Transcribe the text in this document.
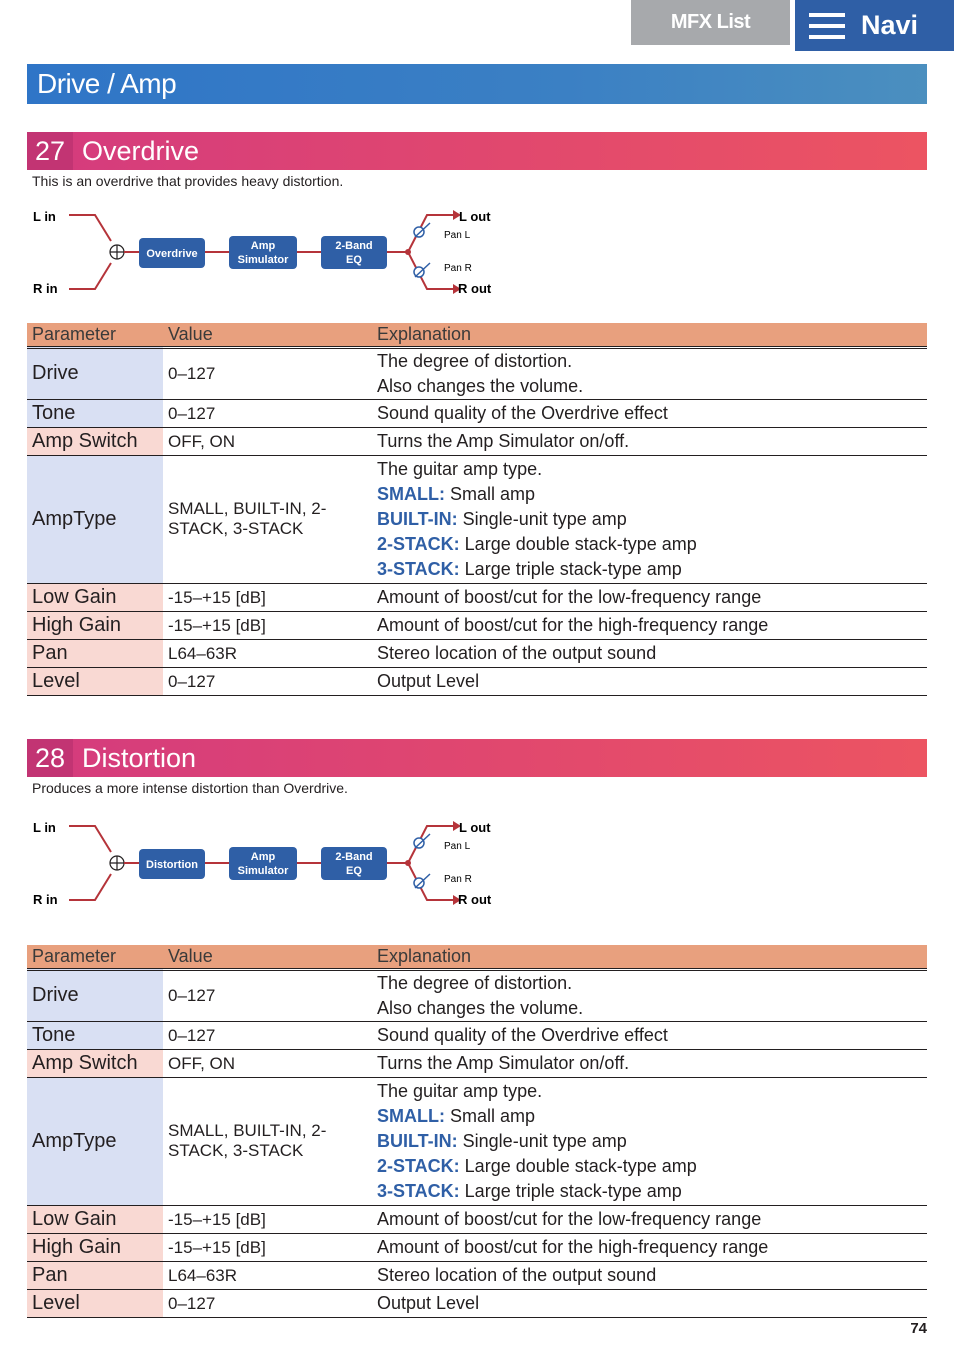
MFX List	Navi
Drive / Amp
27 Overdrive
This is an overdrive that provides heavy distortion.
L in
R in
Overdrive
Amp
Simulator
2-Band
EQ
L out
R out
Pan L
Pan R
Parameter	Value	Explanation
Drive	0–127	The degree of distortion.
Also changes the volume.

Tone	0–127	Sound quality of the Overdrive effect

Amp Switch	OFF, ON	Turns the Amp Simulator on/off.

AmpType	SMALL, BUILT-IN, 2-STACK, 3-STACK	The guitar amp type.
SMALL: Small amp
BUILT-IN: Single-unit type amp
2-STACK: Large double stack-type amp
3-STACK: Large triple stack-type amp

Low Gain	-15–+15 [dB]	Amount of boost/cut for the low-frequency range

High Gain	-15–+15 [dB]	Amount of boost/cut for the high-frequency range

Pan	L64–63R	Stereo location of the output sound

Level	0–127	Output Level
28 Distortion
Produces a more intense distortion than Overdrive.
L in
R in
Distortion
Amp
Simulator
2-Band
EQ
L out
R out
Pan L
Pan R
Parameter	Value	Explanation
Drive	0–127	The degree of distortion.
Also changes the volume.

Tone	0–127	Sound quality of the Overdrive effect

Amp Switch	OFF, ON	Turns the Amp Simulator on/off.

AmpType	SMALL, BUILT-IN, 2-STACK, 3-STACK	The guitar amp type.
SMALL: Small amp
BUILT-IN: Single-unit type amp
2-STACK: Large double stack-type amp
3-STACK: Large triple stack-type amp

Low Gain	-15–+15 [dB]	Amount of boost/cut for the low-frequency range

High Gain	-15–+15 [dB]	Amount of boost/cut for the high-frequency range

Pan	L64–63R	Stereo location of the output sound

Level	0–127	Output Level
74
